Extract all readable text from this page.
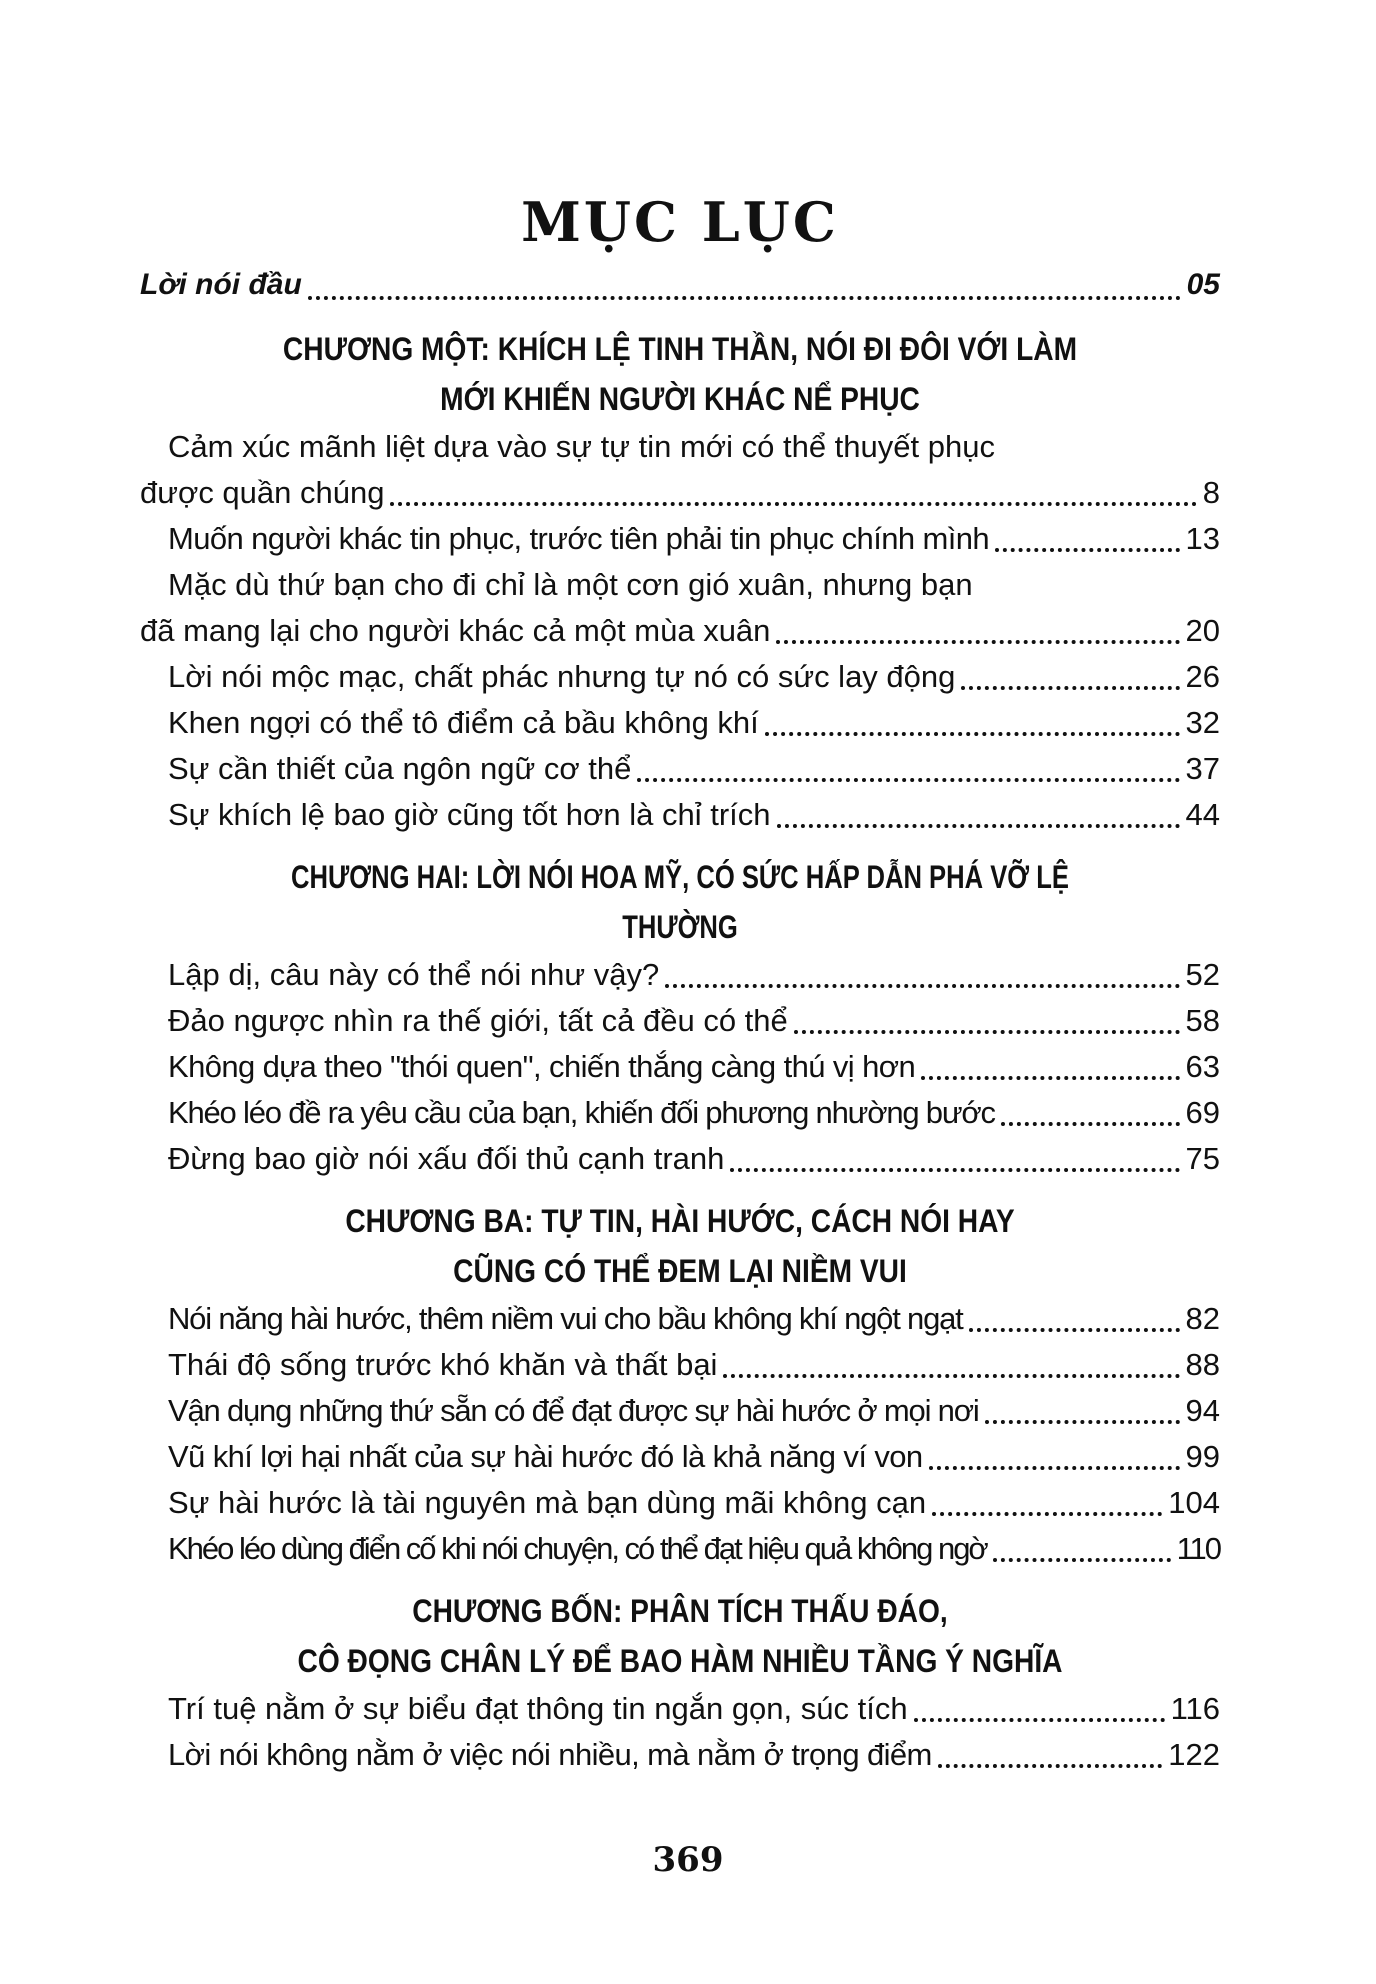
MỤC LỤC
Lời nói đầu	05
CHƯƠNG MỘT: KHÍCH LỆ TINH THẦN, NÓI ĐI ĐÔI VỚI LÀM
MỚI KHIẾN NGƯỜI KHÁC NỂ PHỤC
Cảm xúc mãnh liệt dựa vào sự tự tin mới có thể thuyết phục
được quần chúng	8
Muốn người khác tin phục, trước tiên phải tin phục chính mình	13
Mặc dù thứ bạn cho đi chỉ là một cơn gió xuân, nhưng bạn
đã mang lại cho người khác cả một mùa xuân	20
Lời nói mộc mạc, chất phác nhưng tự nó có sức lay động	26
Khen ngợi có thể tô điểm cả bầu không khí	32
Sự cần thiết của ngôn ngữ cơ thể	37
Sự khích lệ bao giờ cũng tốt hơn là chỉ trích	44
CHƯƠNG HAI: LỜI NÓI HOA MỸ, CÓ SỨC HẤP DẪN PHÁ VỠ LỆ THƯỜNG
Lập dị, câu này có thể nói như vậy?	52
Đảo ngược nhìn ra thế giới, tất cả đều có thể	58
Không dựa theo "thói quen", chiến thắng càng thú vị hơn	63
Khéo léo đề ra yêu cầu của bạn, khiến đối phương nhường bước	69
Đừng bao giờ nói xấu đối thủ cạnh tranh	75
CHƯƠNG BA: TỰ TIN, HÀI HƯỚC, CÁCH NÓI HAY
CŨNG CÓ THỂ ĐEM LẠI NIỀM VUI
Nói năng hài hước, thêm niềm vui cho bầu không khí ngột ngạt	82
Thái độ sống trước khó khăn và thất bại	88
Vận dụng những thứ sẵn có để đạt được sự hài hước ở mọi nơi	94
Vũ khí lợi hại nhất của sự hài hước đó là khả năng ví von	99
Sự hài hước là tài nguyên mà bạn dùng mãi không cạn	104
Khéo léo dùng điển cố khi nói chuyện, có thể đạt hiệu quả không ngờ	110
CHƯƠNG BỐN: PHÂN TÍCH THẤU ĐÁO,
CÔ ĐỌNG CHÂN LÝ ĐỂ BAO HÀM NHIỀU TẦNG Ý NGHĨA
Trí tuệ nằm ở sự biểu đạt thông tin ngắn gọn, súc tích	116
Lời nói không nằm ở việc nói nhiều, mà nằm ở trọng điểm	122
369
